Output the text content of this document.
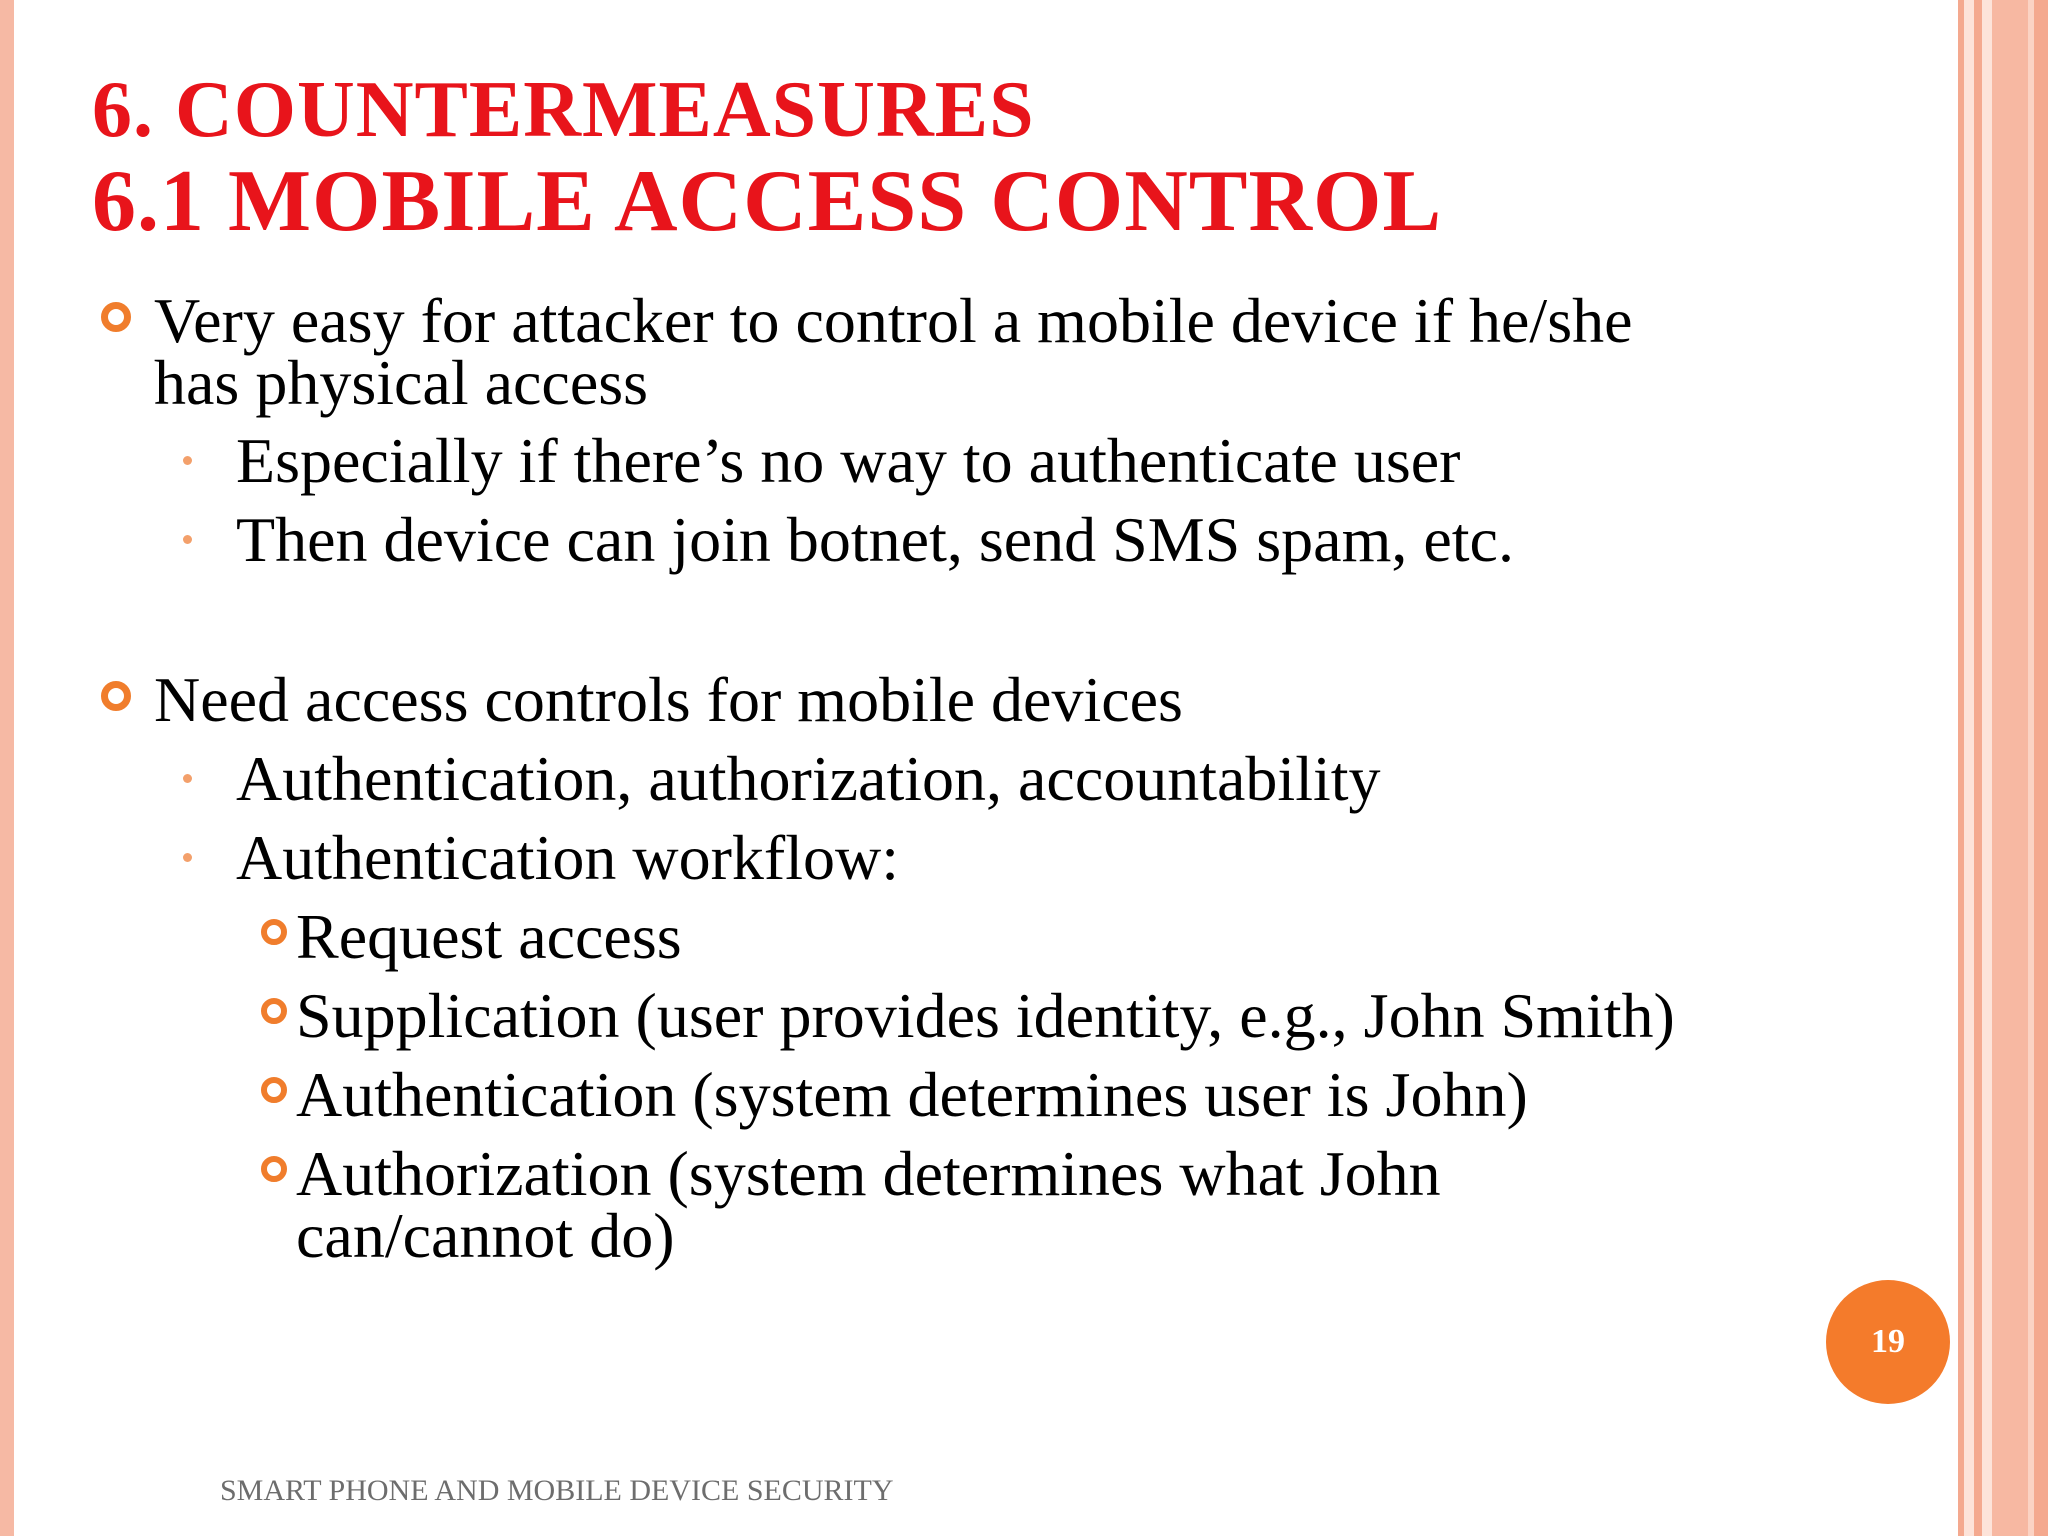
6. COUNTERMEASURES
6.1 MOBILE ACCESS CONTROL
Very easy for attacker to control a mobile device if he/she
has physical access
Especially if there’s no way to authenticate user
Then device can join botnet, send SMS spam, etc.
Need access controls for mobile devices
Authentication, authorization, accountability
Authentication workflow:
Request access
Supplication (user provides identity, e.g., John Smith)
Authentication (system determines user is John)
Authorization (system determines what John
can/cannot do)
19
SMART PHONE AND MOBILE DEVICE SECURITY
